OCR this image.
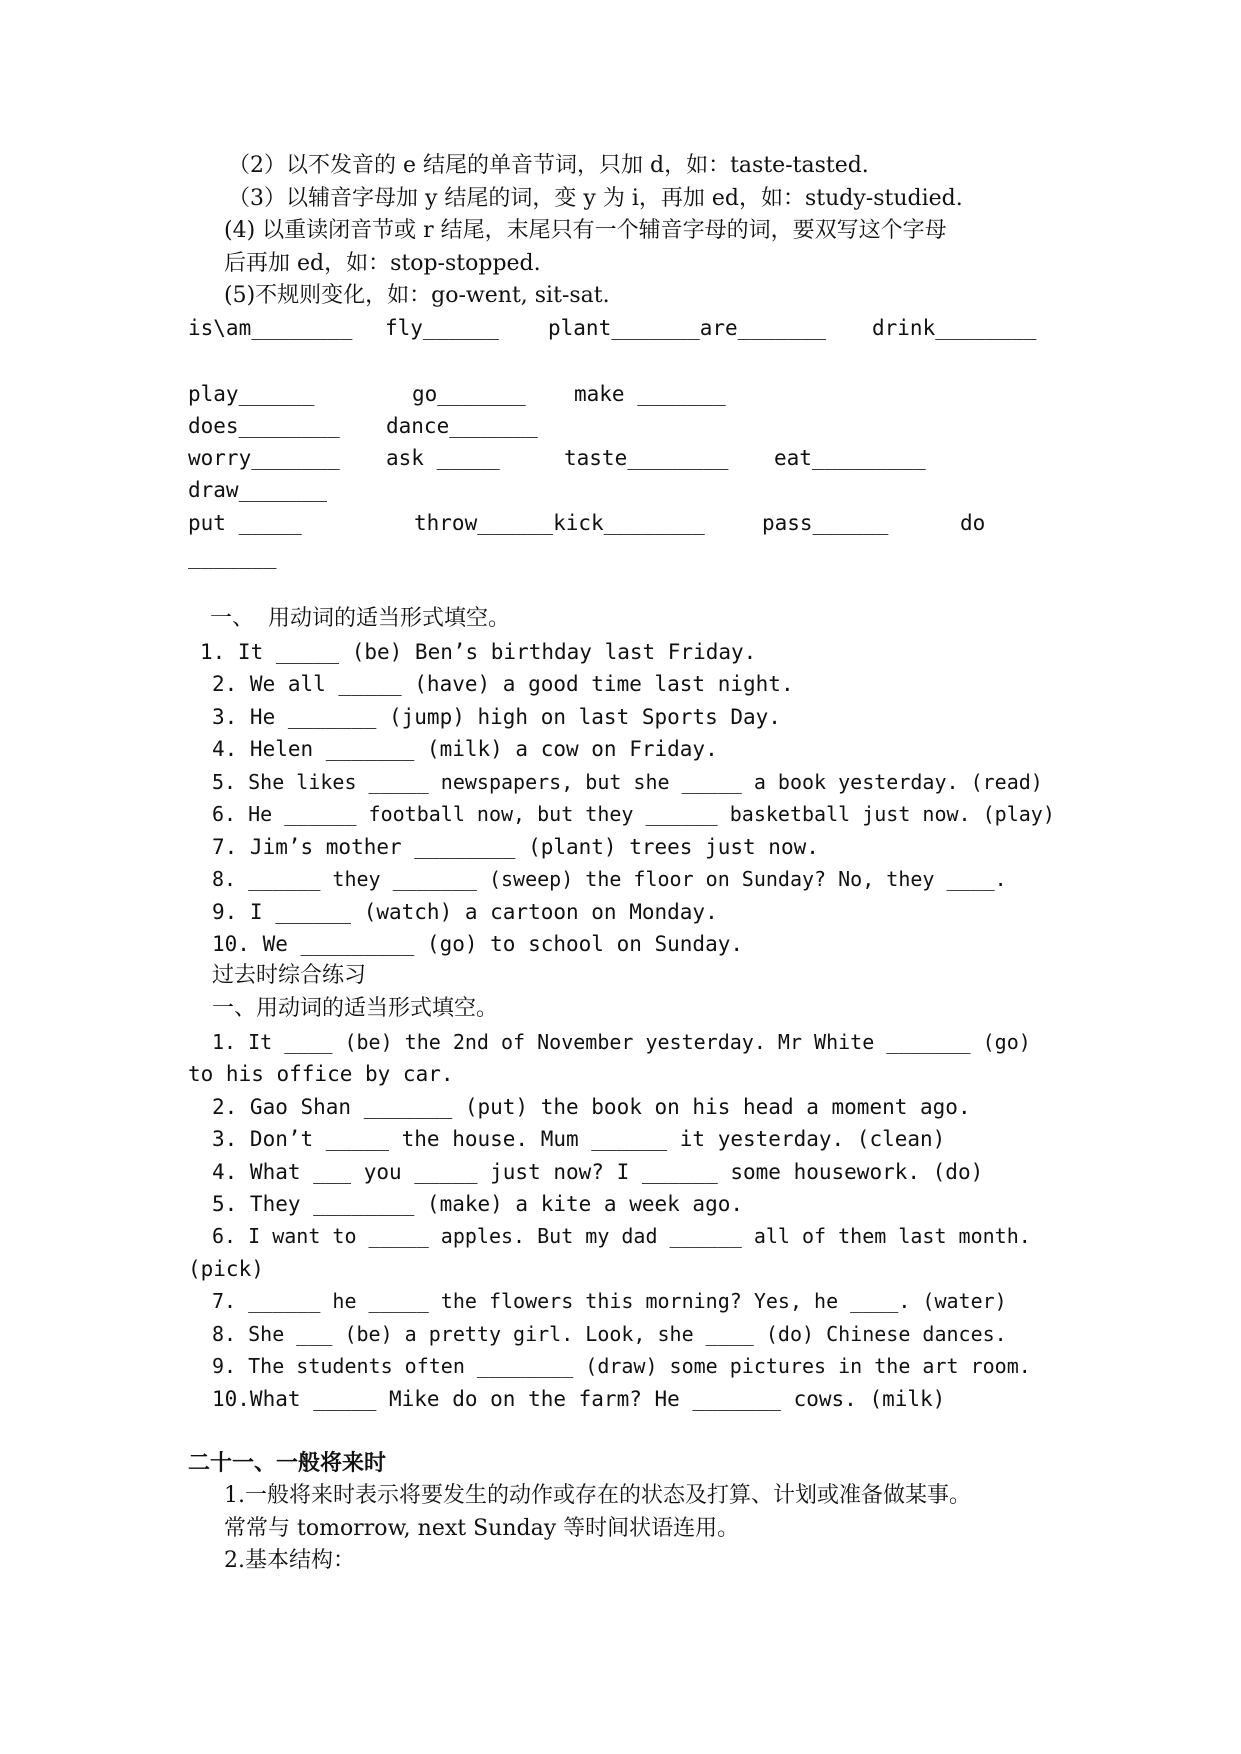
（2）以不发音的 e 结尾的单音节词，只加 d，如：taste-tasted.
（3）以辅音字母加 y 结尾的词，变 y 为 i，再加 ed，如：study-studied.
(4) 以重读闭音节或 r 结尾，末尾只有一个辅音字母的词，要双写这个字母
后再加 ed，如：stop-stopped.
(5)不规则变化，如：go-went, sit-sat.

is\am________

fly______

plant_______are_______

drink________

play______

	go_______

make _______

does________

dance_______

worry_______

ask _____

	taste________

eat_________

draw_______

put _____

	throw______kick________

	pass______

	do

_______

一、  用动词的适当形式填空。
1. It _____ (be) Ben’s birthday last Friday.
2. We all _____ (have) a good time last night.
3. He _______ (jump) high on last Sports Day.
4. Helen _______ (milk) a cow on Friday.
5. She likes _____ newspapers, but she _____ a book yesterday. (read)
6. He ______ football now, but they ______ basketball just now. (play)
7. Jim’s mother ________ (plant) trees just now.
8. ______ they _______ (sweep) the floor on Sunday? No, they ____.
9. I ______ (watch) a cartoon on Monday.
10. We _________ (go) to school on Sunday.
过去时综合练习
一、用动词的适当形式填空。
1. It ____ (be) the 2nd of November yesterday. Mr White _______ (go)
to his office by car.
2. Gao Shan _______ (put) the book on his head a moment ago.
3. Don’t _____ the house. Mum ______ it yesterday. (clean)
4. What ___ you _____ just now? I ______ some housework. (do)
5. They ________ (make) a kite a week ago.
6. I want to _____ apples. But my dad ______ all of them last month.
(pick)
7. ______ he _____ the flowers this morning? Yes, he ____. (water)
8. She ___ (be) a pretty girl. Look, she ____ (do) Chinese dances.
9. The students often ________ (draw) some pictures in the art room.
10.What _____ Mike do on the farm? He _______ cows. (milk)
二十一、一般将来时
1.一般将来时表示将要发生的动作或存在的状态及打算、计划或准备做某事。
常常与 tomorrow, next Sunday 等时间状语连用。
2.基本结构：
